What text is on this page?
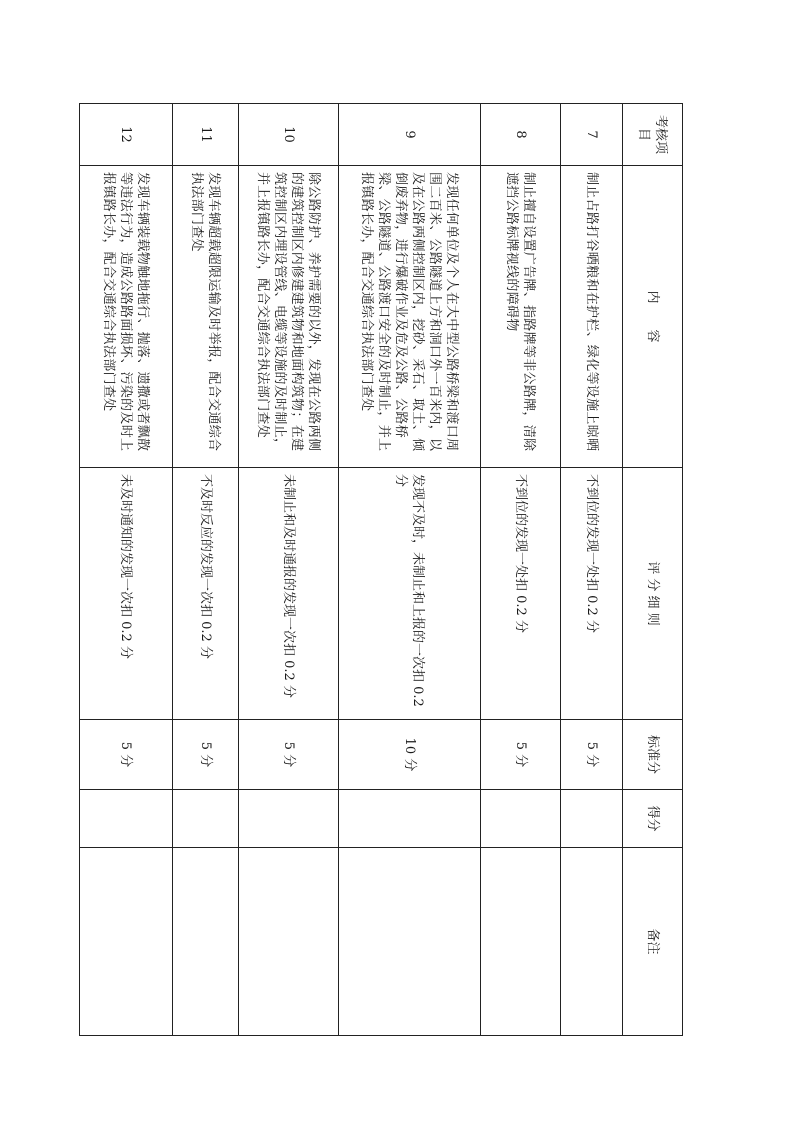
考核项目	内　　容	评 分 细 则	标准分	得分	备注
7	制止占路打谷晒粮和在护栏、绿化等设施上晾晒	不到位的发现一处扣 0.2 分	5 分		
8	制止擅自设置广告牌、指路牌等非公路牌，清除遮挡公路标牌视线的障碍物	不到位的发现一处扣 0.2 分	5 分		
9	发现任何单位及个人在大中型公路桥梁和渡口周围二百米、公路隧道上方和洞口外一百米内，以及在公路两侧控制区内，挖砂、采石、取土、倾倒废弃物，进行爆破作业及危及公路、公路桥梁、公路隧道、公路渡口安全的及时制止，并上报镇路长办，配合交通综合执法部门查处	发现不及时，未制止和上报的一次扣 0.2 分	10 分		
10	除公路防护、养护需要的以外，发现在公路两侧的建筑控制区内修建建筑物和地面构筑物；在建筑控制区内埋设管线、电缆等设施的及时制止，并上报镇路长办，配合交通综合执法部门查处	未制止和及时通报的发现一次扣 0.2 分	5 分		
11	发现车辆超载超限运输及时举报，配合交通综合执法部门查处	不及时反应的发现一次扣 0.2 分	5 分		
12	发现车辆装载物触地拖行、抛落、遗撒或者飘散等违法行为，造成公路路面损坏、污染的及时上报镇路长办，配合交通综合执法部门查处	未及时通知的发现一次扣 0.2 分	5 分		
